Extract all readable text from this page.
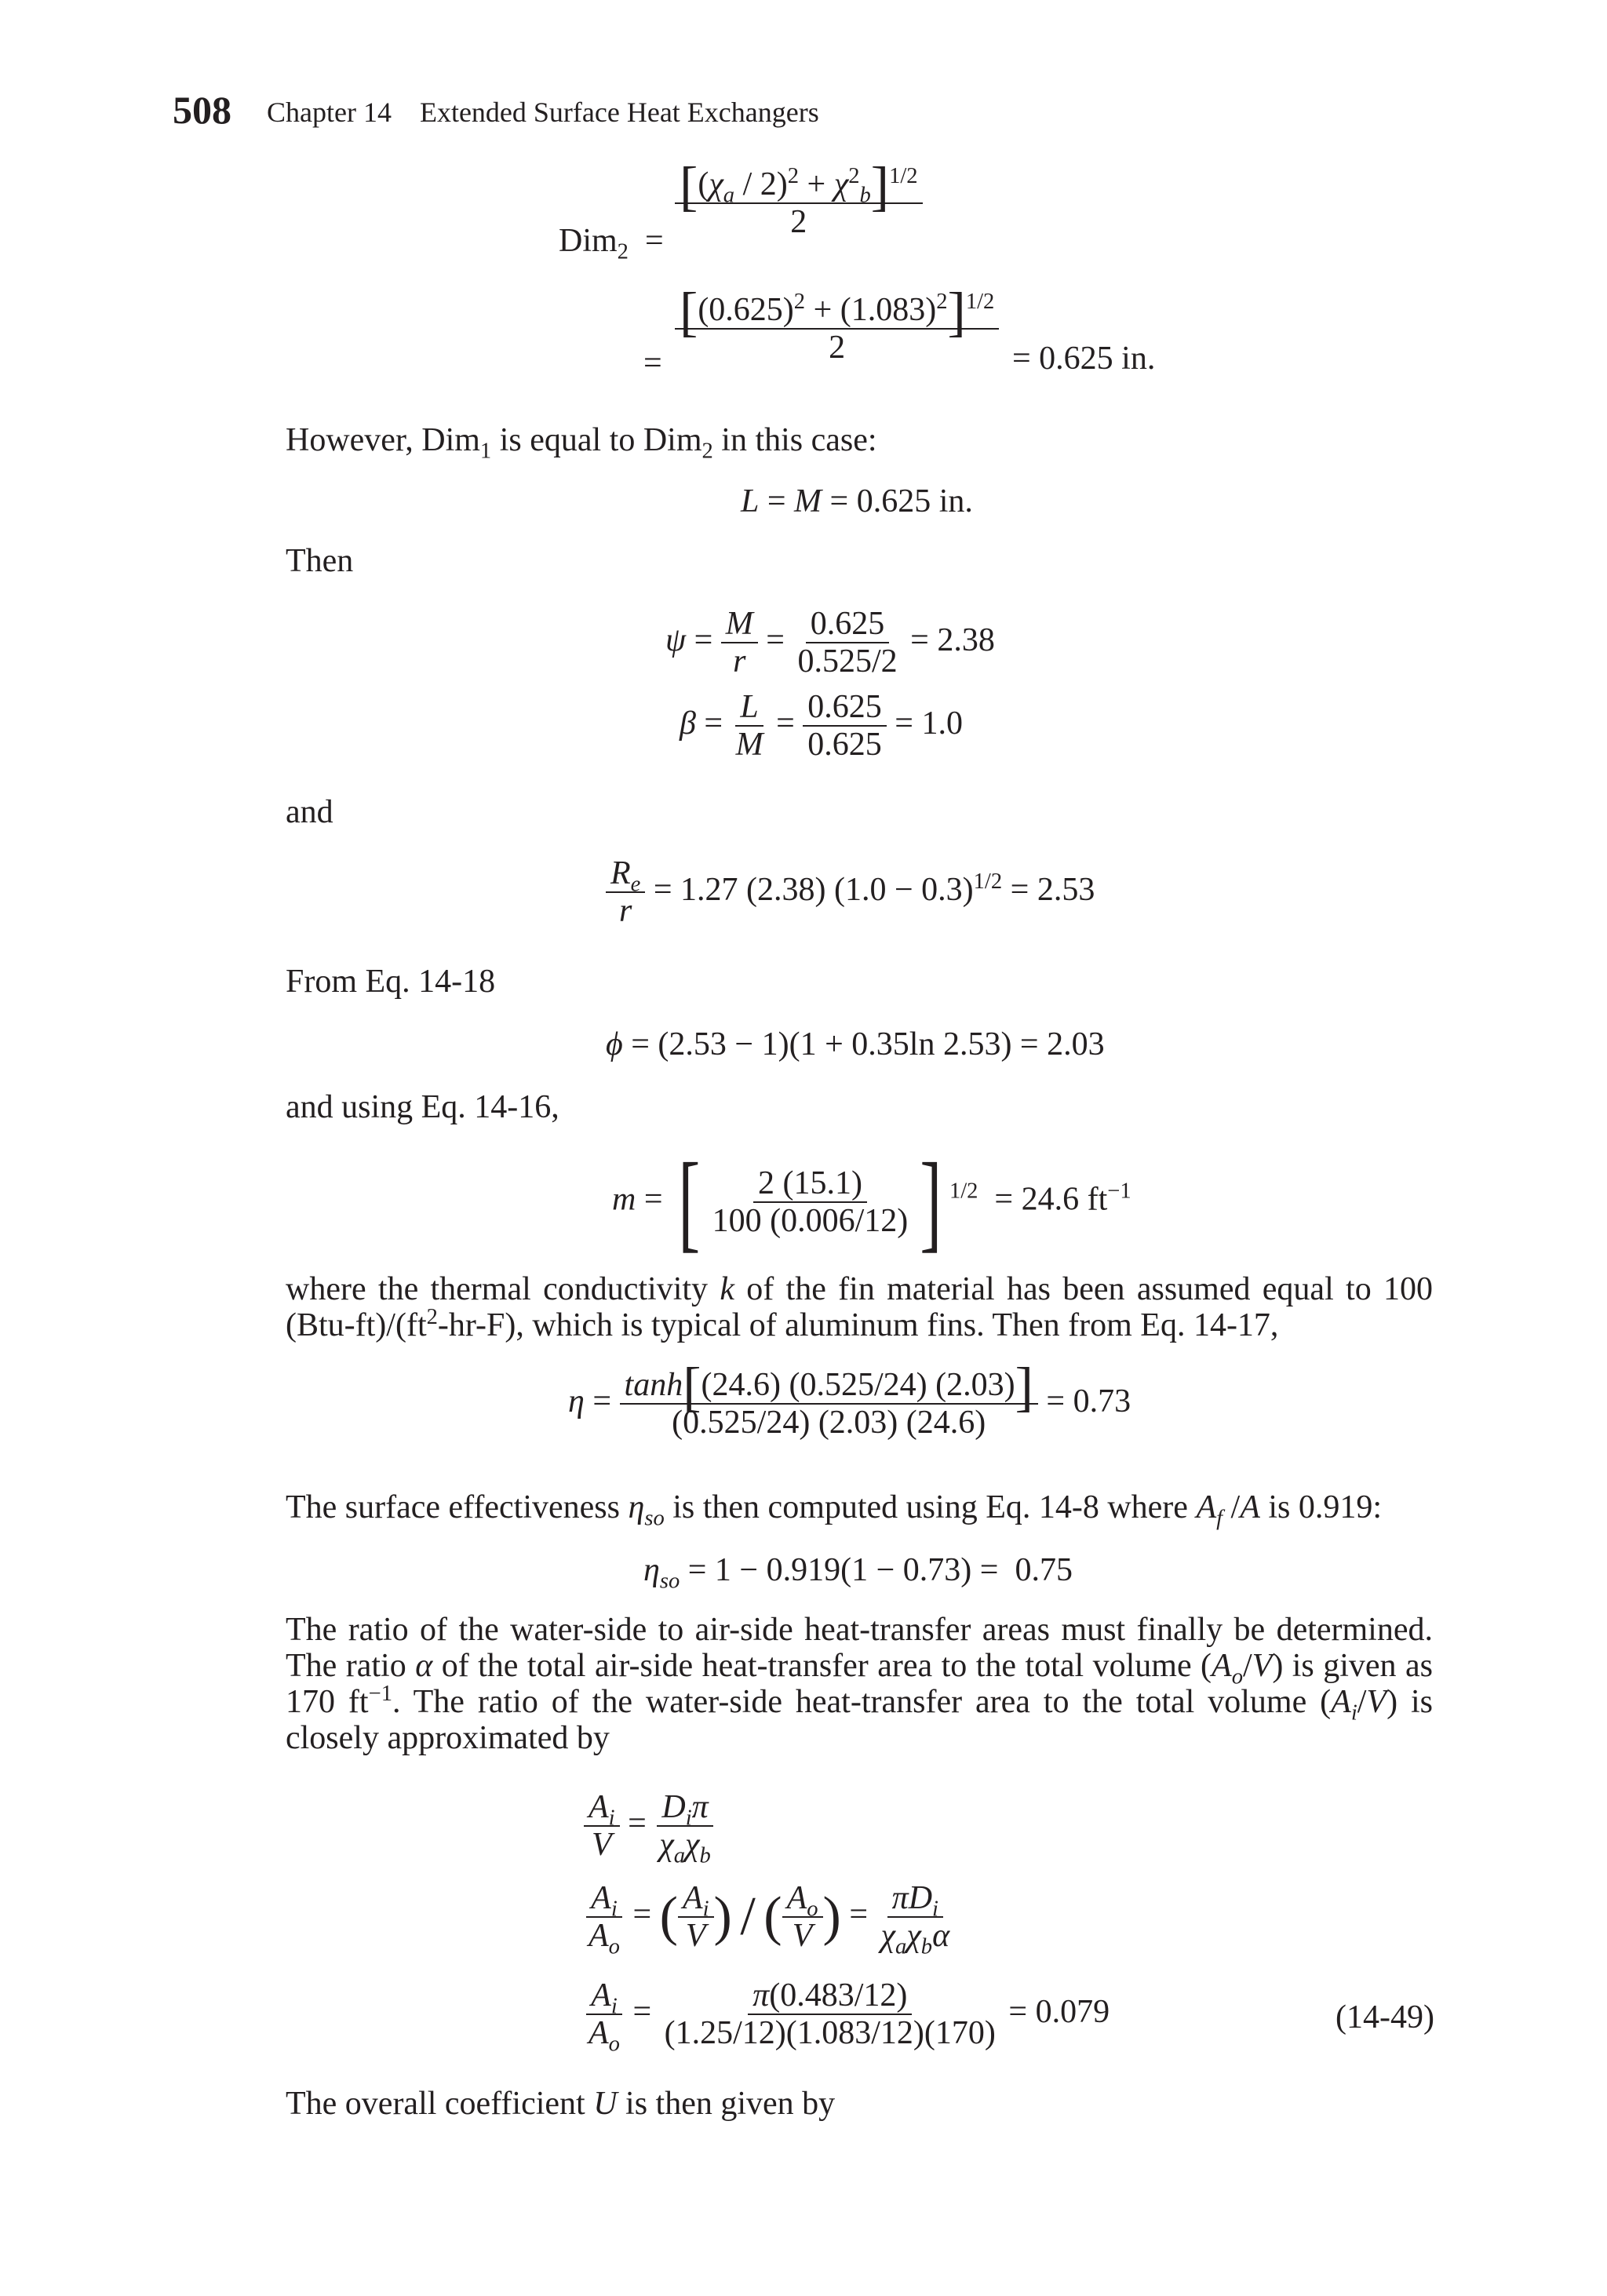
508 Chapter 14    Extended Surface Heat Exchangers
Dim$_2$  =
$\frac{[(\chi_a / 2)^2 + \chi^2_b]^{1/2}}{2}$
= $\frac{[(0.625)^2 + (1.083)^2]^{1/2}}{2} = 0.625$ in.
However, Dim$_1$ is equal to Dim$_2$ in this case:
L = M = 0.625 in.
Then
$\psi = \frac{M}{r} = \frac{0.625}{0.525/2} = 2.38$
$\beta = \frac{L}{M} = \frac{0.625}{0.625} = 1.0$
and
$\frac{R_e}{r} = 1.27$ (2.38) $(1.0 - 0.3)^{1/2} = 2.53$
From Eq. 14-18
ϕ = (2.53 − 1)(1 + 0.35ln 2.53) = 2.03
and using Eq. 14-16,
m = [ $\frac{2 (15.1)}{100 (0.006/12)}$ ] $^{1/2}$  = 24.6 $ft^{-1}$
where the thermal conductivity k of the fin material has been assumed equal to 100 $(Btu-ft)/(ft^2-hr-F)$, which is typical of aluminum fins. Then from Eq. 14-17,
$\eta = \frac{\tanh[(24.6) (0.525/24) (2.03)]}{(0.525/24) (2.03) (24.6)} = 0.73$
The surface effectiveness $\eta_{so}$ is then computed using Eq. 14-8 where $A_f$ /A is 0.919:
$\eta_{so} = 1 - 0.919(1 - 0.73) = 0.75$
The ratio of the water-side to air-side heat-transfer areas must finally be determined. The ratio α of the total air-side heat-transfer area to the total volume $(A_o/V)$ is given as 170 $ft^{-1}$. The ratio of the water-side heat-transfer area to the total volume $(A_i/V)$ is closely approximated by
$\frac{A_i}{V} = \frac{D_i\pi}{\chi_a\chi_b}$
$\frac{A_i}{A_o}$ = ( $\frac{A_i}{V}$ ) / ( $\frac{A_o}{V}$ ) = $\frac{\pi D_i}{\chi_a\chi_b\alpha}$
$\frac{A_i}{A_o} = \frac{\pi(0.483/12)}{(1.25/12)(1.083/12)(170)} = 0.079$	(14-49)
The overall coefficient U is then given by
